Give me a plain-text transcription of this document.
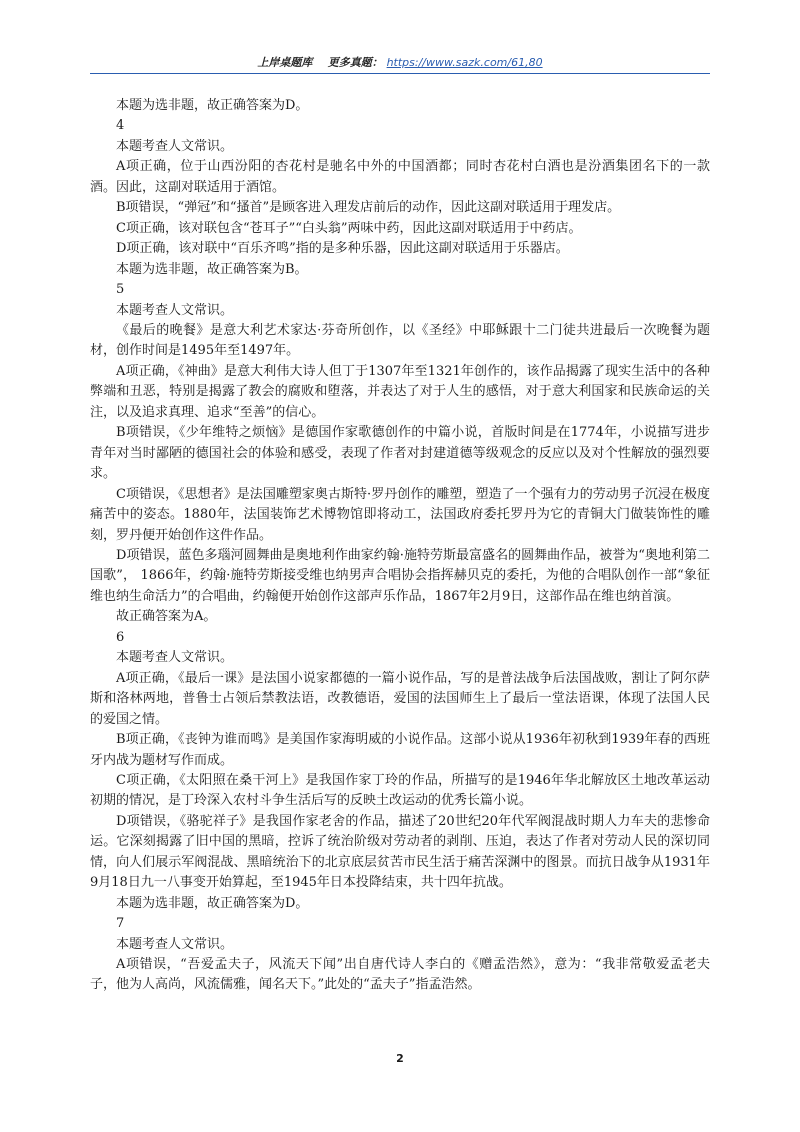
上岸桌题库 更多真题： https://www.sazk.com/61,80

本题为选非题，故正确答案为D。

4

本题考查人文常识。

A项正确，位于山西汾阳的杏花村是驰名中外的中国酒都；同时杏花村白酒也是汾酒集团名下的一款酒。因此，这副对联适用于酒馆。

B项错误，“弹冠”和“搔首”是顾客进入理发店前后的动作，因此这副对联适用于理发店。

C项正确，该对联包含“苍耳子”“白头翁”两味中药，因此这副对联适用于中药店。

D项正确，该对联中“百乐齐鸣”指的是多种乐器，因此这副对联适用于乐器店。

本题为选非题，故正确答案为B。

5

本题考查人文常识。

《最后的晚餐》是意大利艺术家达·芬奇所创作，以《圣经》中耶稣跟十二门徒共进最后一次晚餐为题材，创作时间是1495年至1497年。

A项正确，《神曲》是意大利伟大诗人但丁于1307年至1321年创作的，该作品揭露了现实生活中的各种弊端和丑恶，特别是揭露了教会的腐败和堕落，并表达了对于人生的感悟，对于意大利国家和民族命运的关注，以及追求真理、追求“至善”的信心。

B项错误，《少年维特之烦恼》是德国作家歌德创作的中篇小说，首版时间是在1774年，小说描写进步青年对当时鄙陋的德国社会的体验和感受，表现了作者对封建道德等级观念的反应以及对个性解放的强烈要求。

C项错误，《思想者》是法国雕塑家奥古斯特·罗丹创作的雕塑，塑造了一个强有力的劳动男子沉浸在极度痛苦中的姿态。1880年，法国装饰艺术博物馆即将动工，法国政府委托罗丹为它的青铜大门做装饰性的雕刻，罗丹便开始创作这件作品。

D项错误，蓝色多瑙河圆舞曲是奥地利作曲家约翰·施特劳斯最富盛名的圆舞曲作品，被誉为“奥地利第二国歌”， 1866年，约翰·施特劳斯接受维也纳男声合唱协会指挥赫贝克的委托，为他的合唱队创作一部“象征维也纳生命活力”的合唱曲，约翰便开始创作这部声乐作品，1867年2月9日，这部作品在维也纳首演。

故正确答案为A。

6

本题考查人文常识。

A项正确，《最后一课》是法国小说家都德的一篇小说作品，写的是普法战争后法国战败，割让了阿尔萨斯和洛林两地，普鲁士占领后禁教法语，改教德语，爱国的法国师生上了最后一堂法语课，体现了法国人民的爱国之情。

B项正确，《丧钟为谁而鸣》是美国作家海明威的小说作品。这部小说从1936年初秋到1939年春的西班牙内战为题材写作而成。

C项正确，《太阳照在桑干河上》是我国作家丁玲的作品，所描写的是1946年华北解放区土地改革运动初期的情况，是丁玲深入农村斗争生活后写的反映土改运动的优秀长篇小说。

D项错误，《骆驼祥子》是我国作家老舍的作品，描述了20世纪20年代军阀混战时期人力车夫的悲惨命运。它深刻揭露了旧中国的黑暗，控诉了统治阶级对劳动者的剥削、压迫，表达了作者对劳动人民的深切同情，向人们展示军阀混战、黑暗统治下的北京底层贫苦市民生活于痛苦深渊中的图景。而抗日战争从1931年9月18日九一八事变开始算起，至1945年日本投降结束，共十四年抗战。

本题为选非题，故正确答案为D。

7

本题考查人文常识。

A项错误，“吾爱孟夫子，风流天下闻”出自唐代诗人李白的《赠孟浩然》，意为：“我非常敬爱孟老夫子，他为人高尚，风流儒雅，闻名天下。”此处的“孟夫子”指孟浩然。

2
